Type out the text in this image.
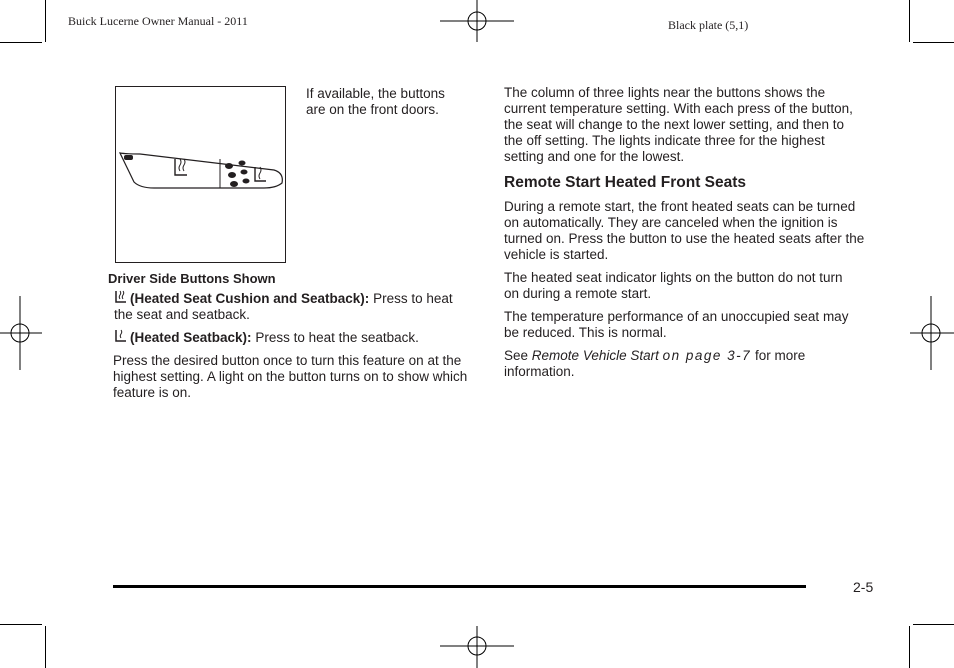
Buick Lucerne Owner Manual - 2011	Black plate (5,1)

If available, the buttons are on the front doors.

Driver Side Buttons Shown

(Heated Seat Cushion and Seatback): Press to heat the seat and seatback.

(Heated Seatback): Press to heat the seatback.

Press the desired button once to turn this feature on at the highest setting. A light on the button turns on to show which feature is on.

The column of three lights near the buttons shows the current temperature setting. With each press of the button, the seat will change to the next lower setting, and then to the off setting. The lights indicate three for the highest setting and one for the lowest.

Remote Start Heated Front Seats

During a remote start, the front heated seats can be turned on automatically. They are canceled when the ignition is turned on. Press the button to use the heated seats after the vehicle is started.

The heated seat indicator lights on the button do not turn on during a remote start.

The temperature performance of an unoccupied seat may be reduced. This is normal.

See Remote Vehicle Start on page 3-7 for more information.

2-5
